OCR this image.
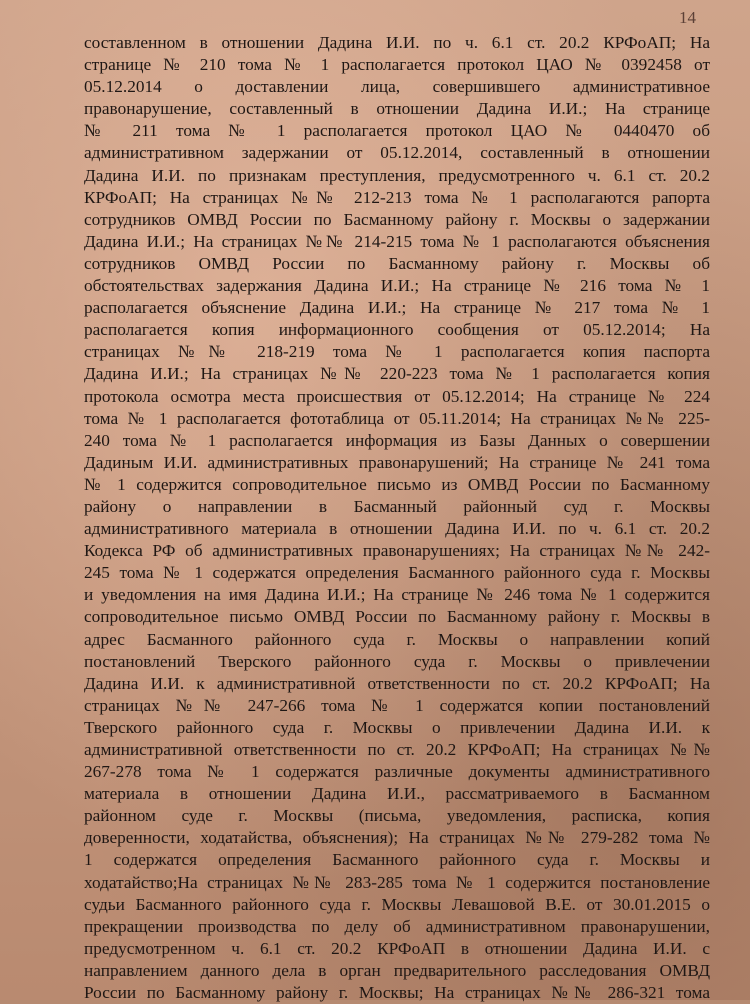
14
составленном в отношении Дадина И.И. по ч. 6.1 ст. 20.2 КРФоАП; На
странице № 210 тома № 1 располагается протокол ЦАО № 0392458 от
05.12.2014 о доставлении лица, совершившего административное
правонарушение, составленный в отношении Дадина И.И.; На странице
№ 211 тома № 1 располагается протокол ЦАО № 0440470 об
административном задержании от 05.12.2014, составленный в отношении
Дадина И.И. по признакам преступления, предусмотренного ч. 6.1 ст. 20.2
КРФоАП; На страницах №№ 212-213 тома № 1 располагаются рапорта
сотрудников ОМВД России по Басманному району г. Москвы о задержании
Дадина И.И.; На страницах №№ 214-215 тома № 1 располагаются объяснения
сотрудников ОМВД России по Басманному району г. Москвы об
обстоятельствах задержания Дадина И.И.; На странице № 216 тома № 1
располагается объяснение Дадина И.И.; На странице № 217 тома № 1
располагается копия информационного сообщения от 05.12.2014; На
страницах №№ 218-219 тома № 1 располагается копия паспорта
Дадина И.И.; На страницах №№ 220-223 тома № 1 располагается копия
протокола осмотра места происшествия от 05.12.2014; На странице № 224
тома № 1 располагается фототаблица от 05.11.2014; На страницах №№ 225-
240 тома № 1 располагается информация из Базы Данных о совершении
Дадиным И.И. административных правонарушений; На странице № 241 тома
№ 1 содержится сопроводительное письмо из ОМВД России по Басманному
району о направлении в Басманный районный суд г. Москвы
административного материала в отношении Дадина И.И. по ч. 6.1 ст. 20.2
Кодекса РФ об административных правонарушениях; На страницах №№ 242-
245 тома № 1 содержатся определения Басманного районного суда г. Москвы
и уведомления на имя Дадина И.И.; На странице № 246 тома № 1 содержится
сопроводительное письмо ОМВД России по Басманному району г. Москвы в
адрес Басманного районного суда г. Москвы о направлении копий
постановлений Тверского районного суда г. Москвы о привлечении
Дадина И.И. к административной ответственности по ст. 20.2 КРФоАП; На
страницах №№ 247-266 тома № 1 содержатся копии постановлений
Тверского районного суда г. Москвы о привлечении Дадина И.И. к
административной ответственности по ст. 20.2 КРФоАП; На страницах №№
267-278 тома № 1 содержатся различные документы административного
материала в отношении Дадина И.И., рассматриваемого в Басманном
районном суде г. Москвы (письма, уведомления, расписка, копия
доверенности, ходатайства, объяснения); На страницах №№ 279-282 тома №
1 содержатся определения Басманного районного суда г. Москвы и
ходатайство;На страницах №№ 283-285 тома № 1 содержится постановление
судьи Басманного районного суда г. Москвы Левашовой В.Е. от 30.01.2015 о
прекращении производства по делу об административном правонарушении,
предусмотренном ч. 6.1 ст. 20.2 КРФоАП в отношении Дадина И.И. с
направлением данного дела в орган предварительного расследования ОМВД
России по Басманному району г. Москвы; На страницах №№ 286-321 тома
